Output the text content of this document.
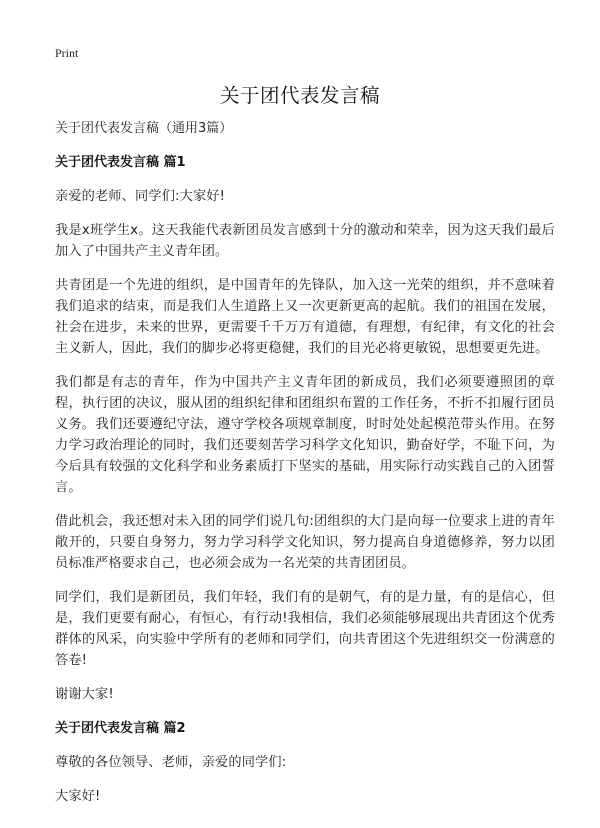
Print
关于团代表发言稿
关于团代表发言稿（通用3篇）
关于团代表发言稿 篇1

亲爱的老师、同学们:大家好!

我是x班学生x。这天我能代表新团员发言感到十分的激动和荣幸，因为这天我们最后加入了中国共产主义青年团。

共青团是一个先进的组织，是中国青年的先锋队，加入这一光荣的组织，并不意味着我们追求的结束，而是我们人生道路上又一次更新更高的起航。我们的祖国在发展，社会在进步，未来的世界，更需要千千万万有道德，有理想，有纪律，有文化的社会主义新人，因此，我们的脚步必将更稳健，我们的目光必将更敏锐，思想要更先进。

我们都是有志的青年，作为中国共产主义青年团的新成员，我们必须要遵照团的章程，执行团的决议，服从团的组织纪律和团组织布置的工作任务，不折不扣履行团员义务。我们还要遵纪守法，遵守学校各项规章制度，时时处处起模范带头作用。在努力学习政治理论的同时，我们还要刻苦学习科学文化知识，勤奋好学，不耻下问，为今后具有较强的文化科学和业务素质打下坚实的基础，用实际行动实践自己的入团誓言。

借此机会，我还想对未入团的同学们说几句:团组织的大门是向每一位要求上进的青年敞开的，只要自身努力，努力学习科学文化知识，努力提高自身道德修养，努力以团员标准严格要求自己，也必须会成为一名光荣的共青团团员。

同学们，我们是新团员，我们年轻，我们有的是朝气，有的是力量，有的是信心，但是，我们更要有耐心，有恒心，有行动!我相信，我们必须能够展现出共青团这个优秀群体的风采，向实验中学所有的老师和同学们，向共青团这个先进组织交一份满意的答卷!

谢谢大家!

关于团代表发言稿 篇2

尊敬的各位领导、老师，亲爱的同学们:

大家好!
